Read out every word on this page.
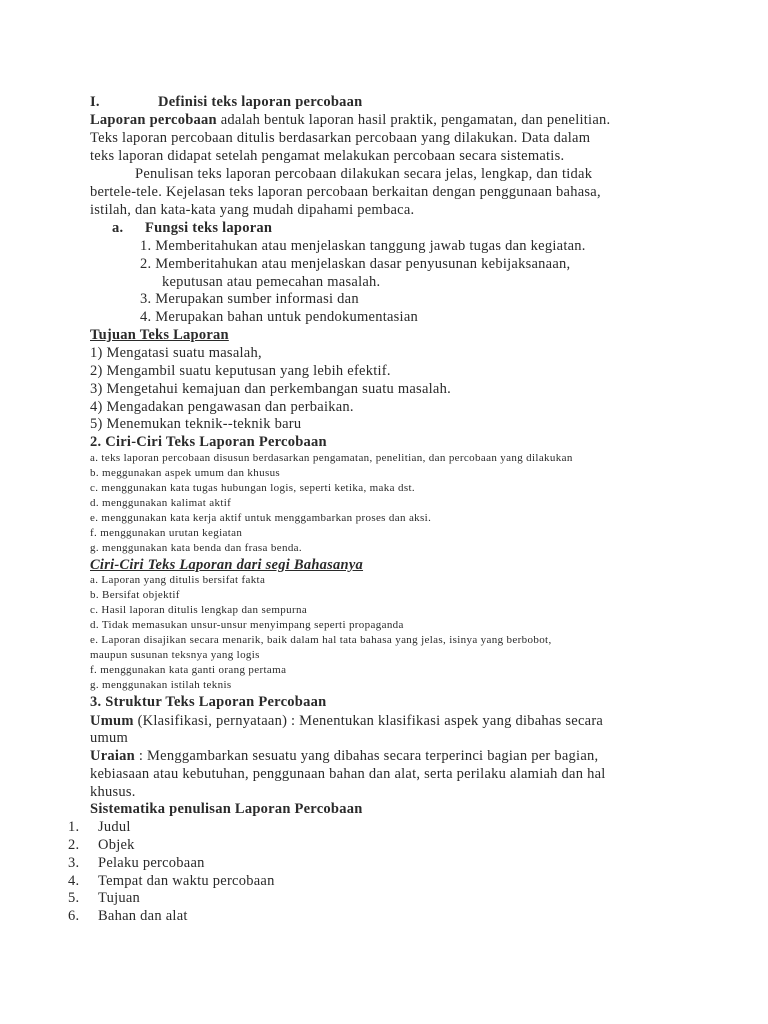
I.	Definisi teks laporan percobaan
Laporan percobaan adalah bentuk laporan hasil praktik, pengamatan, dan penelitian.
Teks laporan percobaan ditulis berdasarkan percobaan yang dilakukan. Data dalam
teks laporan didapat setelah pengamat melakukan percobaan secara sistematis.
Penulisan teks laporan percobaan dilakukan secara jelas, lengkap, dan tidak
bertele-tele. Kejelasan teks laporan percobaan berkaitan dengan penggunaan bahasa,
istilah, dan kata-kata yang mudah dipahami pembaca.
a. Fungsi teks laporan
1. Memberitahukan atau menjelaskan tanggung jawab tugas dan kegiatan.
2. Memberitahukan atau menjelaskan dasar penyusunan kebijaksanaan,
keputusan atau pemecahan masalah.
3. Merupakan sumber informasi dan
4. Merupakan bahan untuk pendokumentasian
Tujuan Teks Laporan
1) Mengatasi suatu masalah,
2) Mengambil suatu keputusan yang lebih efektif.
3) Mengetahui kemajuan dan perkembangan suatu masalah.
4) Mengadakan pengawasan dan perbaikan.
5) Menemukan teknik--teknik baru
2. Ciri-Ciri Teks Laporan Percobaan
a. teks laporan percobaan disusun berdasarkan pengamatan, penelitian, dan percobaan yang dilakukan
b. meggunakan aspek umum dan khusus
c. menggunakan kata tugas hubungan logis, seperti ketika, maka dst.
d. menggunakan kalimat aktif
e. menggunakan kata kerja aktif untuk menggambarkan proses dan aksi.
f. menggunakan urutan kegiatan
g. menggunakan kata benda dan frasa benda.
Ciri-Ciri Teks Laporan dari segi Bahasanya
a. Laporan yang ditulis bersifat fakta
b. Bersifat objektif
c. Hasil laporan ditulis lengkap dan sempurna
d. Tidak memasukan unsur-unsur menyimpang seperti propaganda
e. Laporan disajikan secara menarik, baik dalam hal tata bahasa yang jelas, isinya yang berbobot,
maupun susunan teksnya yang logis
f. menggunakan kata ganti orang pertama
g. menggunakan istilah teknis
3. Struktur Teks Laporan Percobaan
Umum (Klasifikasi, pernyataan) : Menentukan klasifikasi aspek yang dibahas secara
umum
Uraian : Menggambarkan sesuatu yang dibahas secara terperinci bagian per bagian,
kebiasaan atau kebutuhan, penggunaan bahan dan alat, serta perilaku alamiah dan hal
khusus.
Sistematika penulisan Laporan Percobaan
1. Judul
2. Objek
3. Pelaku percobaan
4. Tempat dan waktu percobaan
5. Tujuan
6. Bahan dan alat
